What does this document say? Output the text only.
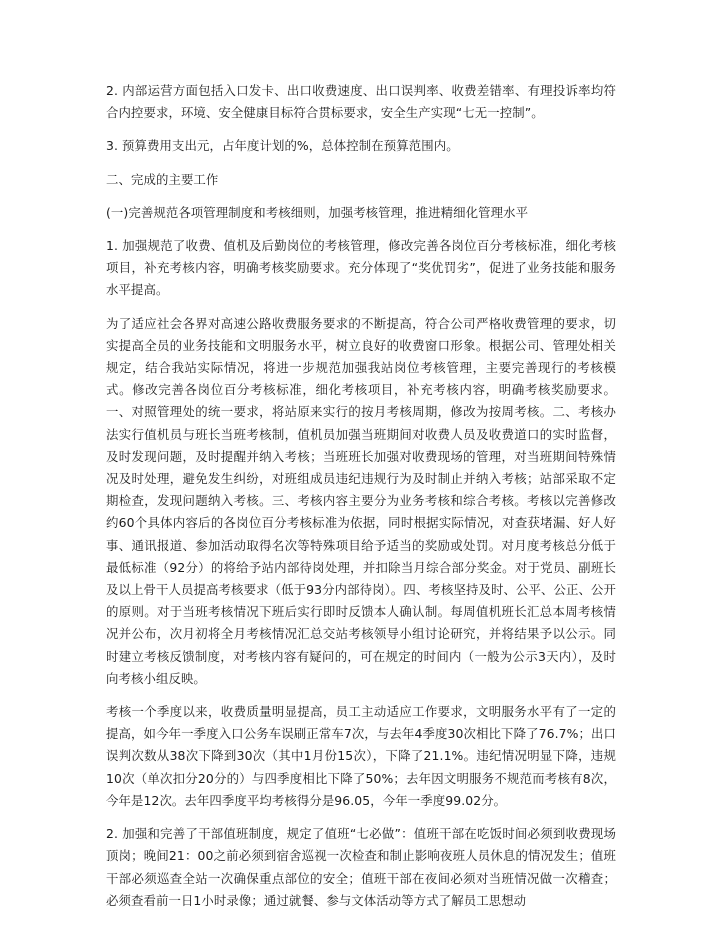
2. 内部运营方面包括入口发卡、出口收费速度、出口误判率、收费差错率、有理投诉率均符合内控要求，环境、安全健康目标符合贯标要求，安全生产实现“七无一控制”。

3. 预算费用支出元，占年度计划的%，总体控制在预算范围内。

二、完成的主要工作

(一)完善规范各项管理制度和考核细则，加强考核管理，推进精细化管理水平

1. 加强规范了收费、值机及后勤岗位的考核管理，修改完善各岗位百分考核标准，细化考核项目，补充考核内容，明确考核奖励要求。充分体现了“奖优罚劣”，促进了业务技能和服务水平提高。

为了适应社会各界对高速公路收费服务要求的不断提高，符合公司严格收费管理的要求，切实提高全员的业务技能和文明服务水平，树立良好的收费窗口形象。根据公司、管理处相关规定，结合我站实际情况，将进一步规范加强我站岗位考核管理，主要完善现行的考核模式。修改完善各岗位百分考核标准，细化考核项目，补充考核内容，明确考核奖励要求。一、对照管理处的统一要求，将站原来实行的按月考核周期，修改为按周考核。二、考核办法实行值机员与班长当班考核制，值机员加强当班期间对收费人员及收费道口的实时监督，及时发现问题，及时提醒并纳入考核；当班班长加强对收费现场的管理，对当班期间特殊情况及时处理，避免发生纠纷，对班组成员违纪违规行为及时制止并纳入考核；站部采取不定期检查，发现问题纳入考核。三、考核内容主要分为业务考核和综合考核。考核以完善修改约60个具体内容后的各岗位百分考核标准为依据，同时根据实际情况，对查获堵漏、好人好事、通讯报道、参加活动取得名次等特殊项目给予适当的奖励或处罚。对月度考核总分低于最低标准（92分）的将给予站内部待岗处理，并扣除当月综合部分奖金。对于党员、副班长及以上骨干人员提高考核要求（低于93分内部待岗）。四、考核坚持及时、公平、公正、公开的原则。对于当班考核情况下班后实行即时反馈本人确认制。每周值机班长汇总本周考核情况并公布，次月初将全月考核情况汇总交站考核领导小组讨论研究，并将结果予以公示。同时建立考核反馈制度，对考核内容有疑问的，可在规定的时间内（一般为公示3天内），及时向考核小组反映。

考核一个季度以来，收费质量明显提高，员工主动适应工作要求，文明服务水平有了一定的提高，如今年一季度入口公务车误刷正常车7次，与去年4季度30次相比下降了76.7%；出口误判次数从38次下降到30次（其中1月份15次），下降了21.1%。违纪情况明显下降，违规10次（单次扣分20分的）与四季度相比下降了50%；去年因文明服务不规范而考核有8次，今年是12次。去年四季度平均考核得分是96.05，今年一季度99.02分。

2. 加强和完善了干部值班制度，规定了值班“七必做”：值班干部在吃饭时间必须到收费现场顶岗；晚间21：00之前必须到宿舍巡视一次检查和制止影响夜班人员休息的情况发生；值班干部必须巡查全站一次确保重点部位的安全；值班干部在夜间必须对当班情况做一次稽查；必须查看前一日1小时录像；通过就餐、参与文体活动等方式了解员工思想动
